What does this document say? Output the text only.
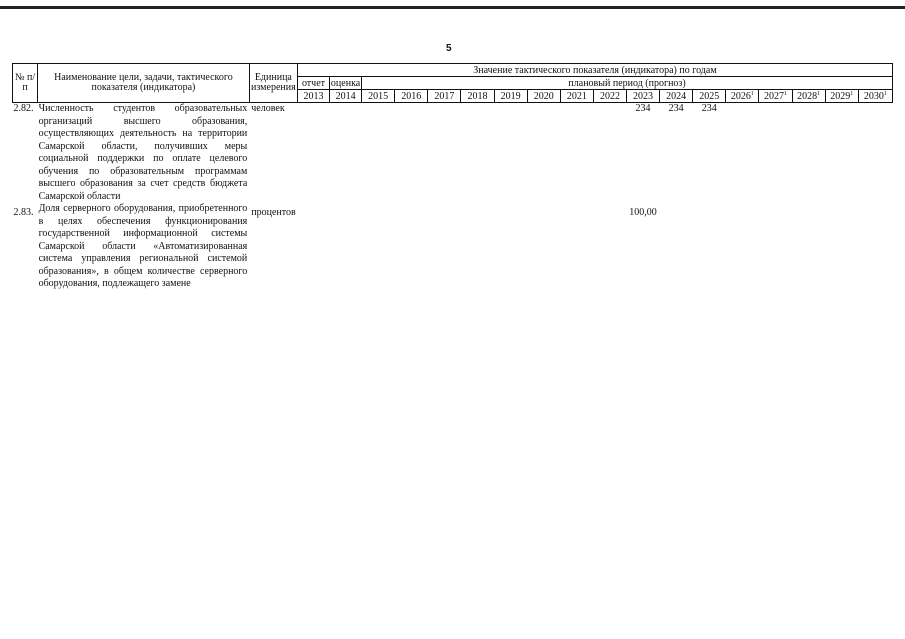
5
№ п/п	Наименование цели, задачи, тактического показателя (индикатора)	Единица измерения	Значение тактического показателя (индикатора) по годам																	
			отчет	оценка	плановый период (прогноз)															
			2013	2014	2015	2016	2017	2018	2019	2020	2021	2022	2023	2024	2025	2026$^1$	2027$^1$	2028$^1$	2029$^1$	2030$^1$
2.82.	Численность студентов образовательных организаций высшего образования, осуществляющих деятельность на территории Самарской области, получивших меры социальной поддержки по оплате целевого обучения по образовательным программам высшего образования за счет средств бюджета Самарской области	человек											234	234	234					
2.83.	Доля серверного оборудования, приобретенного в целях обеспечения функционирования государственной информационной системы Самарской области «Автоматизированная система управления региональной системой образования», в общем количестве серверного оборудования, подлежащего замене	процентов											100,00							
